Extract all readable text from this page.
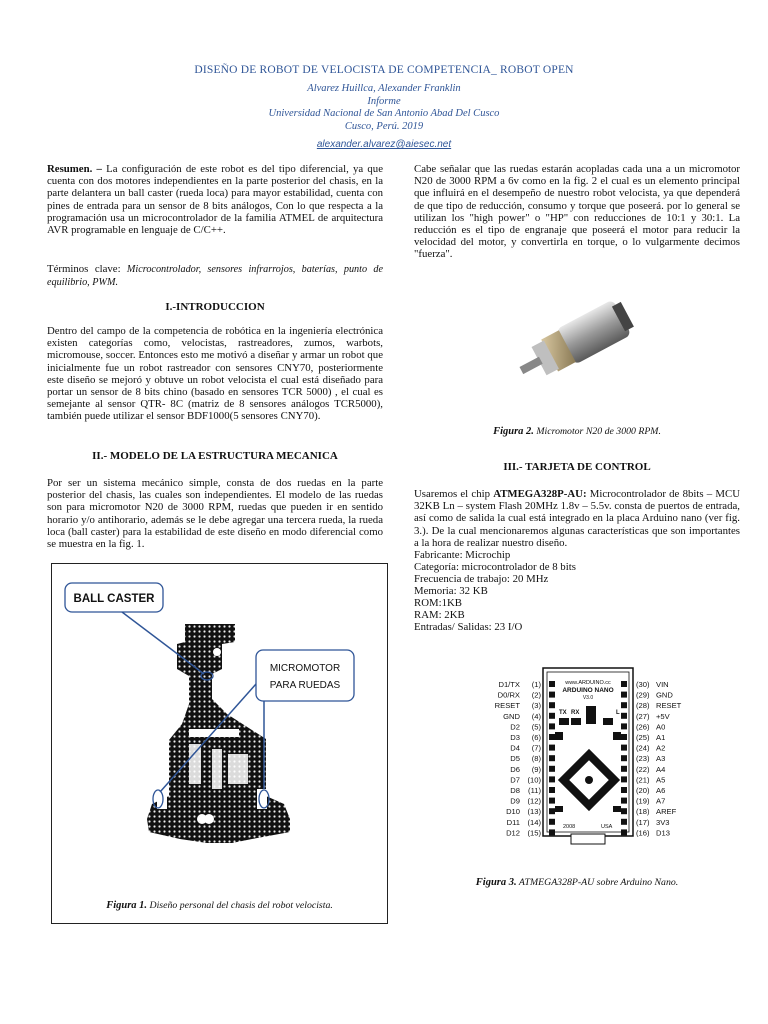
DISEÑO DE ROBOT DE VELOCISTA DE COMPETENCIA_ ROBOT OPEN
Alvarez Huillca, Alexander Franklin
Informe
Universidad Nacional de San Antonio Abad Del Cusco
Cusco, Perú. 2019
alexander.alvarez@aiesec.net

Resumen. – La configuración de este robot es del tipo diferencial, ya que cuenta con dos motores independientes en la parte posterior del chasis, en la parte delantera un ball caster (rueda loca) para mayor estabilidad, cuenta con pines de entrada para un sensor de 8 bits análogos, Con lo que respecta a la programación usa un microcontrolador de la familia ATMEL de arquitectura AVR programable en lenguaje de C/C++.

Términos clave: Microcontrolador, sensores infrarrojos, baterías, punto de equilibrio, PWM.

I.-INTRODUCCION

Dentro del campo de la competencia de robótica en la ingeniería electrónica existen categorías como, velocistas, rastreadores, zumos, warbots, micromouse, soccer. Entonces esto me motivó a diseñar y armar un robot que inicialmente fue un robot rastreador con sensores CNY70, posteriormente este diseño se mejoró y obtuve un robot velocista el cual está diseñado para portar un sensor de 8 bits chino (basado en sensores TCR 5000) , el cual es semejante al sensor QTR- 8C (matriz de 8 sensores análogos TCR5000), también puede utilizar el sensor BDF1000(5 sensores CNY70).

II.- MODELO DE LA ESTRUCTURA MECANICA

Por ser un sistema mecánico simple, consta de dos ruedas en la parte posterior del chasis, las cuales son independientes. El modelo de las ruedas son para micromotor N20 de 3000 RPM, ruedas que pueden ir en sentido horario y/o antihorario, además se le debe agregar una tercera rueda, la rueda loca (ball caster) para la estabilidad de este diseño en modo diferencial como se muestra en la fig. 1.

BALL CASTER
MICROMOTOR
PARA RUEDAS
Figura 1. Diseño personal del chasis del robot velocista.

Cabe señalar que las ruedas estarán acopladas cada una a un micromotor N20 de 3000 RPM a 6v como en la fig. 2 el cual es un elemento principal que influirá en el desempeño de nuestro robot velocista, ya que dependerá de que tipo de reducción, consumo y torque que poseerá. por lo general se utilizan los "high power" o "HP" con reducciones de 10:1 y 30:1. La reducción es el tipo de engranaje que poseerá el motor para reducir la velocidad del motor, y convertirla en torque, o lo vulgarmente decimos "fuerza".

Figura 2. Micromotor N20 de 3000 RPM.
III.- TARJETA DE CONTROL

Usaremos el chip ATMEGA328P-AU: Microcontrolador de 8bits – MCU 32KB Ln – system Flash 20MHz 1.8v – 5.5v. consta de puertos de entrada, así como de salida la cual está integrado en la placa Arduino nano (ver fig. 3.). De la cual mencionaremos algunas características que son importantes a la hora de realizar nuestro diseño.

Fabricante: Microchip
Categoría: microcontrolador de 8 bits
Frecuencia de trabajo: 20 MHz
Memoria: 32 KB
ROM:1KB
RAM: 2KB
Entradas/ Salidas: 23 I/O
www.ARDUINO.cc
ARDUINO NANO
V3.0
TX RX	L
2008	USA
D1/TX (1)
D0/RX (2)
RESET (3)
GND (4)
D2 (5)
D3 (6)
D4 (7)
D5 (8)
D6 (9)
D7 (10)
D8 (11)
D9 (12)
D10 (13)
D11 (14)
D12 (15)
(30) VIN
(29) GND
(28) RESET
(27) +5V
(26) A0
(25) A1
(24) A2
(23) A3
(22) A4
(21) A5
(20) A6
(19) A7
(18) AREF
(17) 3V3
(16) D13
Figura 3. ATMEGA328P-AU sobre Arduino Nano.
